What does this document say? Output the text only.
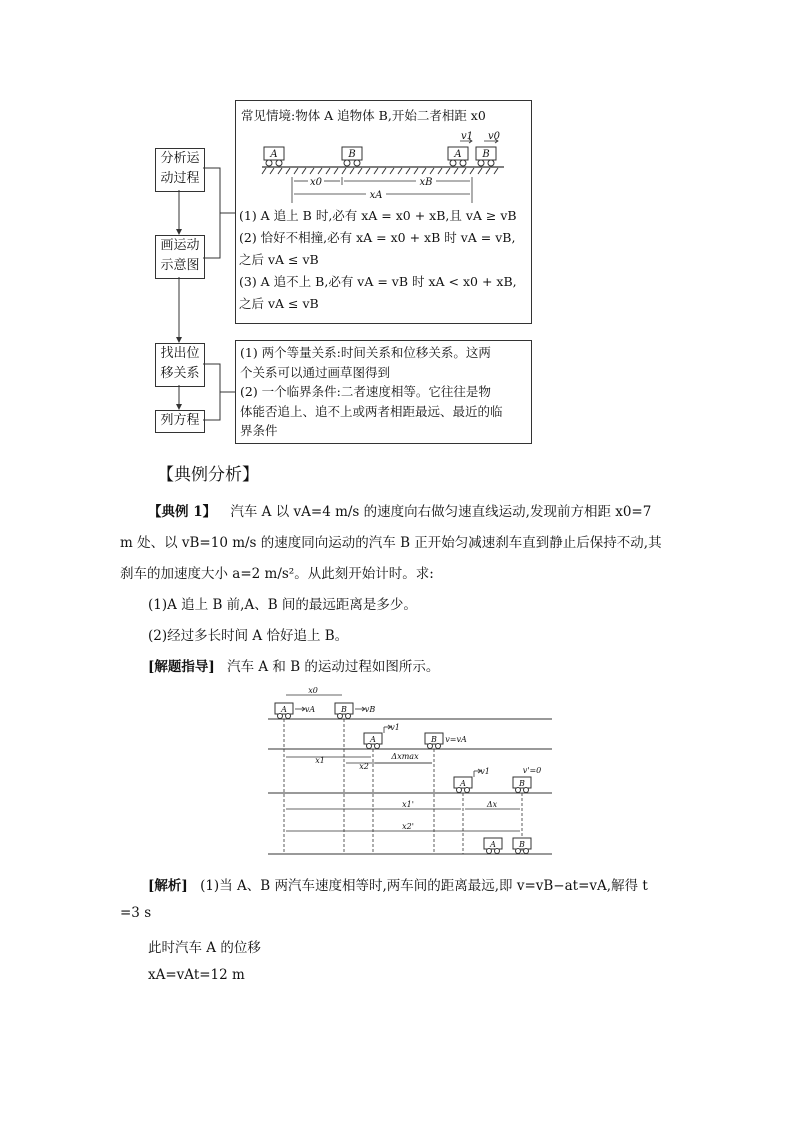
分析运
动过程
画运动
示意图
找出位
移关系
列方程
常见情境:物体 A 追物体 B,开始二者相距 x0
A	B	A B
v1 v0
x0	xB
xA
(1) A 追上 B 时,必有 xA = x0 + xB,且 vA ≥ vB
(2) 恰好不相撞,必有 xA = x0 + xB 时 vA = vB,
之后 vA ≤ vB
(3) A 追不上 B,必有 vA = vB 时 xA < x0 + xB,
之后 vA ≤ vB
(1) 两个等量关系:时间关系和位移关系。这两
个关系可以通过画草图得到
(2) 一个临界条件:二者速度相等。它往往是物
体能否追上、追不上或两者相距最远、最近的临
界条件
【典例分析】
【典例 1】 汽车 A 以 vA=4 m/s 的速度向右做匀速直线运动,发现前方相距 x0=7
m 处、以 vB=10 m/s 的速度同向运动的汽车 B 正开始匀减速刹车直到静止后保持不动,其
刹车的加速度大小 a=2 m/s²。从此刻开始计时。求:
(1)A 追上 B 前,A、B 间的最远距离是多少。
(2)经过多长时间 A 恰好追上 B。
[解题指导] 汽车 A 和 B 的运动过程如图所示。
x0
A	B
vA	vB
A	B
v1
v=vA
x1
x2
Δxmax
A	B
v1	v'=0
x1'	Δx
x2'
A	B
[解析] (1)当 A、B 两汽车速度相等时,两车间的距离最远,即 v=vB−at=vA,解得 t
=3 s
此时汽车 A 的位移
xA=vAt=12 m
